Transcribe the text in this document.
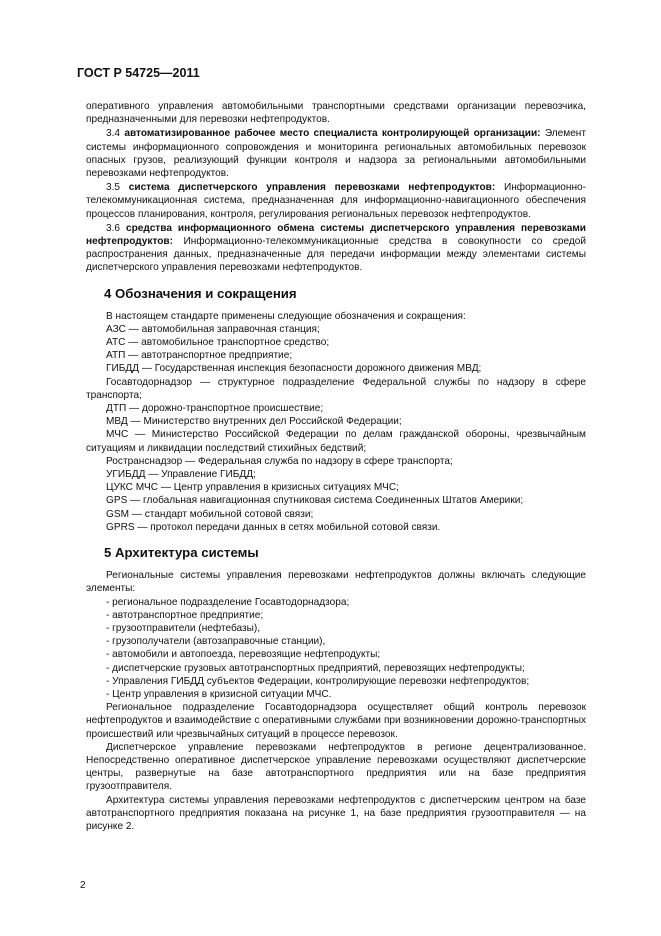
ГОСТ Р 54725—2011

оперативного управления автомобильными транспортными средствами организации перевозчика, предназначенными для перевозки нефтепродуктов.

3.4 автоматизированное рабочее место специалиста контролирующей организации: Элемент системы информационного сопровождения и мониторинга региональных автомобильных перевозок опасных грузов, реализующий функции контроля и надзора за региональными автомобильными перевозками нефтепродуктов.

3.5 система диспетчерского управления перевозками нефтепродуктов: Информационно-телекоммуникационная система, предназначенная для информационно-навигационного обеспечения процессов планирования, контроля, регулирования региональных перевозок нефтепродуктов.

3.6 средства информационного обмена системы диспетчерского управления перевозками нефтепродуктов: Информационно-телекоммуникационные средства в совокупности со средой распространения данных, предназначенные для передачи информации между элементами системы диспетчерского управления перевозками нефтепродуктов.

4 Обозначения и сокращения

В настоящем стандарте применены следующие обозначения и сокращения:

АЗС — автомобильная заправочная станция;

АТС — автомобильное транспортное средство;

АТП — автотранспортное предприятие;

ГИБДД — Государственная инспекция безопасности дорожного движения МВД;

Госавтодорнадзор — структурное подразделение Федеральной службы по надзору в сфере транспорта;

ДТП — дорожно-транспортное происшествие;

МВД — Министерство внутренних дел Российской Федерации;

МЧС — Министерство Российской Федерации по делам гражданской обороны, чрезвычайным ситуациям и ликвидации последствий стихийных бедствий;

Ространснадзор — Федеральная служба по надзору в сфере транспорта;

УГИБДД — Управление ГИБДД;

ЦУКС МЧС — Центр управления в кризисных ситуациях МЧС;

GPS — глобальная навигационная спутниковая система Соединенных Штатов Америки;

GSM — стандарт мобильной сотовой связи;

GPRS — протокол передачи данных в сетях мобильной сотовой связи.

5 Архитектура системы

Региональные системы управления перевозками нефтепродуктов должны включать следующие элементы:

- региональное подразделение Госавтодорнадзора;

- автотранспортное предприятие;

- грузоотправители (нефтебазы),

- грузополучатели (автозаправочные станции),

- автомобили и автопоезда, перевозящие нефтепродукты;

- диспетчерские грузовых автотранспортных предприятий, перевозящих нефтепродукты;

- Управления ГИБДД субъектов Федерации, контролирующие перевозки нефтепродуктов;

- Центр управления в кризисной ситуации МЧС.

Региональное подразделение Госавтодорнадзора осуществляет общий контроль перевозок нефтепродуктов и взаимодействие с оперативными службами при возникновении дорожно-транспортных происшествий или чрезвычайных ситуаций в процессе перевозок.

Диспетчерское управление перевозками нефтепродуктов в регионе децентрализованное. Непосредственно оперативное диспетчерское управление перевозками осуществляют диспетчерские центры, развернутые на базе автотранспортного предприятия или на базе предприятия грузоотправителя.

Архитектура системы управления перевозками нефтепродуктов с диспетчерским центром на базе автотранспортного предприятия показана на рисунке 1, на базе предприятия грузоотправителя — на рисунке 2.

2
